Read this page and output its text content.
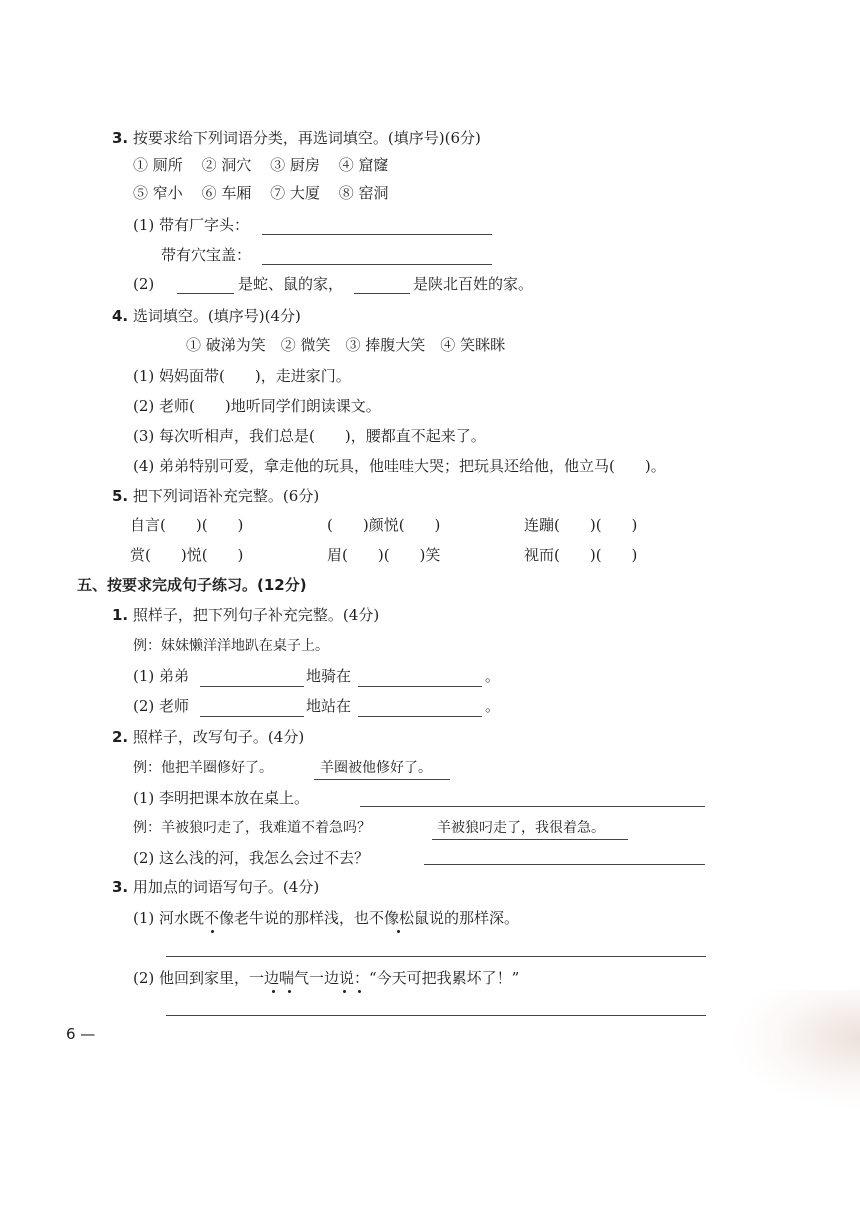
3. 按要求给下列词语分类，再选词填空。(填序号)(6分)
① 厕所 ② 洞穴 ③ 厨房 ④ 窟窿
⑤ 窄小 ⑥ 车厢 ⑦ 大厦 ⑧ 窑洞
(1) 带有厂字头：
带有穴宝盖：
(2)	是蛇、鼠的家，	是陕北百姓的家。
4. 选词填空。(填序号)(4分)
① 破涕为笑　② 微笑　③ 捧腹大笑　④ 笑眯眯
(1) 妈妈面带(　　)，走进家门。
(2) 老师(　　)地听同学们朗读课文。
(3) 每次听相声，我们总是(　　)，腰都直不起来了。
(4) 弟弟特别可爱，拿走他的玩具，他哇哇大哭；把玩具还给他，他立马(　　)。
5. 把下列词语补充完整。(6分)
自言(　　)(　　)	(　　)颜悦(　　)	连蹦(　　)(　　)
赏(　　)悦(　　)	眉(　　)(　　)笑	视而(　　)(　　)
五、按要求完成句子练习。(12分)
1. 照样子，把下列句子补充完整。(4分)
例：妹妹懒洋洋地趴在桌子上。
(1) 弟弟	地骑在	。
(2) 老师	地站在	。
2. 照样子，改写句子。(4分)
例：他把羊圈修好了。	羊圈被他修好了。
(1) 李明把课本放在桌上。
例：羊被狼叼走了，我难道不着急吗？	羊被狼叼走了，我很着急。
(2) 这么浅的河，我怎么会过不去？
3. 用加点的词语写句子。(4分)
(1) 河水既不像老牛说的那样浅，也不像松鼠说的那样深。
(2) 他回到家里，一边喘气一边说：“今天可把我累坏了！”
6 —
